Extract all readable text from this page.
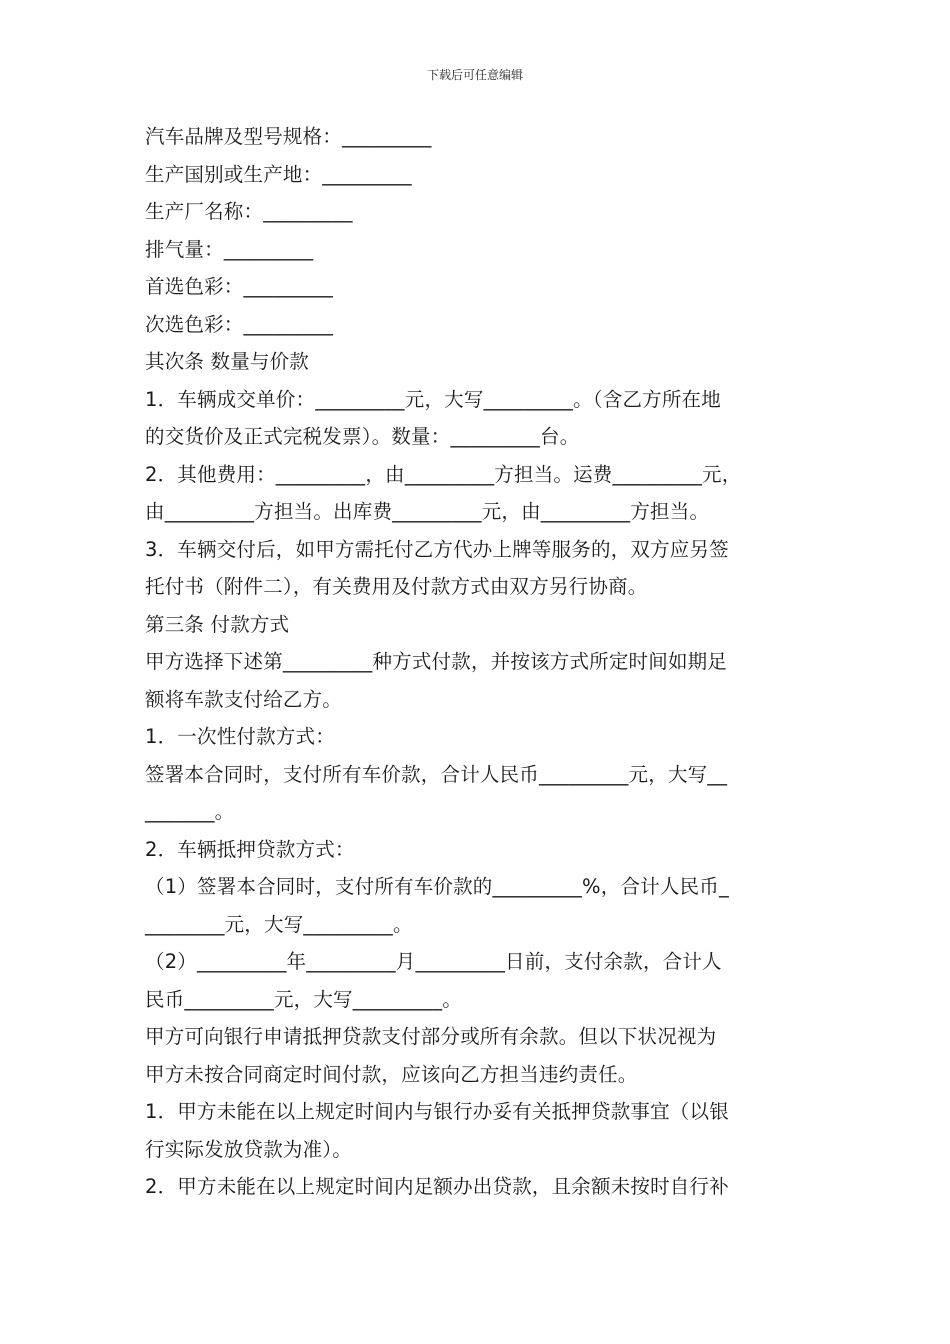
下载后可任意编辑
汽车品牌及型号规格：_________
生产国别或生产地：_________
生产厂名称：_________
排气量：_________
首选色彩：_________
次选色彩：_________
其次条 数量与价款
1．车辆成交单价：_________元，大写_________。（含乙方所在地
的交货价及正式完税发票）。数量：_________台。
2．其他费用：_________，由_________方担当。运费_________元，
由_________方担当。出库费_________元，由_________方担当。
3．车辆交付后，如甲方需托付乙方代办上牌等服务的，双方应另签
托付书（附件二），有关费用及付款方式由双方另行协商。
第三条 付款方式
甲方选择下述第_________种方式付款，并按该方式所定时间如期足
额将车款支付给乙方。
1．一次性付款方式：
签署本合同时，支付所有车价款，合计人民币_________元，大写__
_______。
2．车辆抵押贷款方式：
（1）签署本合同时，支付所有车价款的_________%，合计人民币_
________元，大写_________。
（2）_________年_________月_________日前，支付余款，合计人
民币_________元，大写_________。
甲方可向银行申请抵押贷款支付部分或所有余款。但以下状况视为
甲方未按合同商定时间付款，应该向乙方担当违约责任。
1．甲方未能在以上规定时间内与银行办妥有关抵押贷款事宜（以银
行实际发放贷款为准）。
2．甲方未能在以上规定时间内足额办出贷款，且余额未按时自行补
